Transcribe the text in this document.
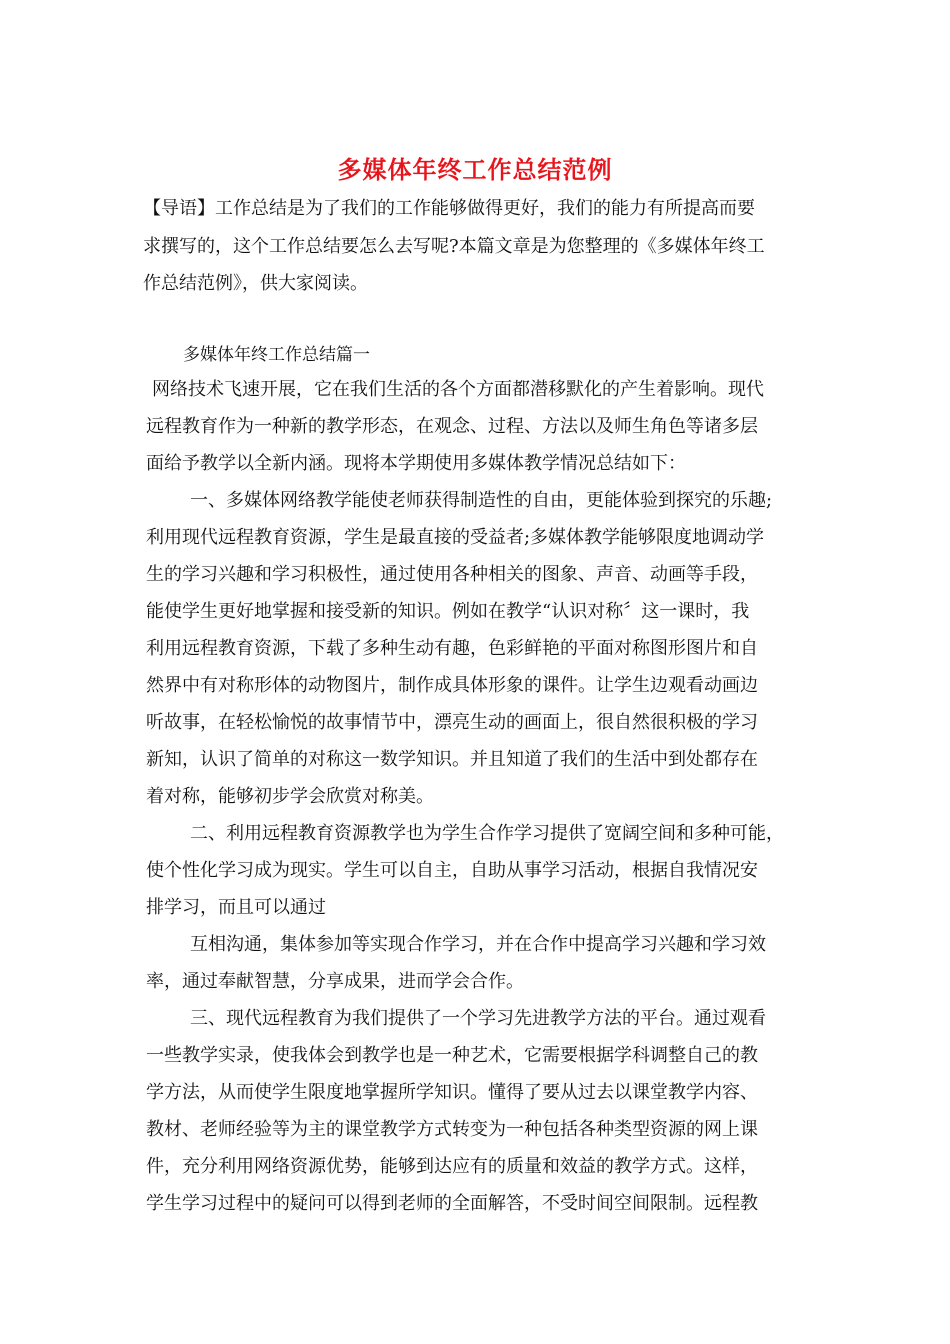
多媒体年终工作总结范例
【导语】工作总结是为了我们的工作能够做得更好，我们的能力有所提高而要
求撰写的，这个工作总结要怎么去写呢?本篇文章是为您整理的《多媒体年终工
作总结范例》，供大家阅读。
多媒体年终工作总结篇一
网络技术飞速开展，它在我们生活的各个方面都潜移默化的产生着影响。现代
远程教育作为一种新的教学形态，在观念、过程、方法以及师生角色等诸多层
面给予教学以全新内涵。现将本学期使用多媒体教学情况总结如下：
一、多媒体网络教学能使老师获得制造性的自由，更能体验到探究的乐趣;
利用现代远程教育资源，学生是最直接的受益者;多媒体教学能够限度地调动学
生的学习兴趣和学习积极性，通过使用各种相关的图象、声音、动画等手段，
能使学生更好地掌握和接受新的知识。例如在教学“认识对称〞这一课时，我
利用远程教育资源，下载了多种生动有趣，色彩鲜艳的平面对称图形图片和自
然界中有对称形体的动物图片，制作成具体形象的课件。让学生边观看动画边
听故事，在轻松愉悦的故事情节中，漂亮生动的画面上，很自然很积极的学习
新知，认识了简单的对称这一数学知识。并且知道了我们的生活中到处都存在
着对称，能够初步学会欣赏对称美。
二、利用远程教育资源教学也为学生合作学习提供了宽阔空间和多种可能，
使个性化学习成为现实。学生可以自主，自助从事学习活动，根据自我情况安
排学习，而且可以通过
互相沟通，集体参加等实现合作学习，并在合作中提高学习兴趣和学习效
率，通过奉献智慧，分享成果，进而学会合作。
三、现代远程教育为我们提供了一个学习先进教学方法的平台。通过观看
一些教学实录，使我体会到教学也是一种艺术，它需要根据学科调整自己的教
学方法，从而使学生限度地掌握所学知识。懂得了要从过去以课堂教学内容、
教材、老师经验等为主的课堂教学方式转变为一种包括各种类型资源的网上课
件，充分利用网络资源优势，能够到达应有的质量和效益的教学方式。这样，
学生学习过程中的疑问可以得到老师的全面解答，不受时间空间限制。远程教
